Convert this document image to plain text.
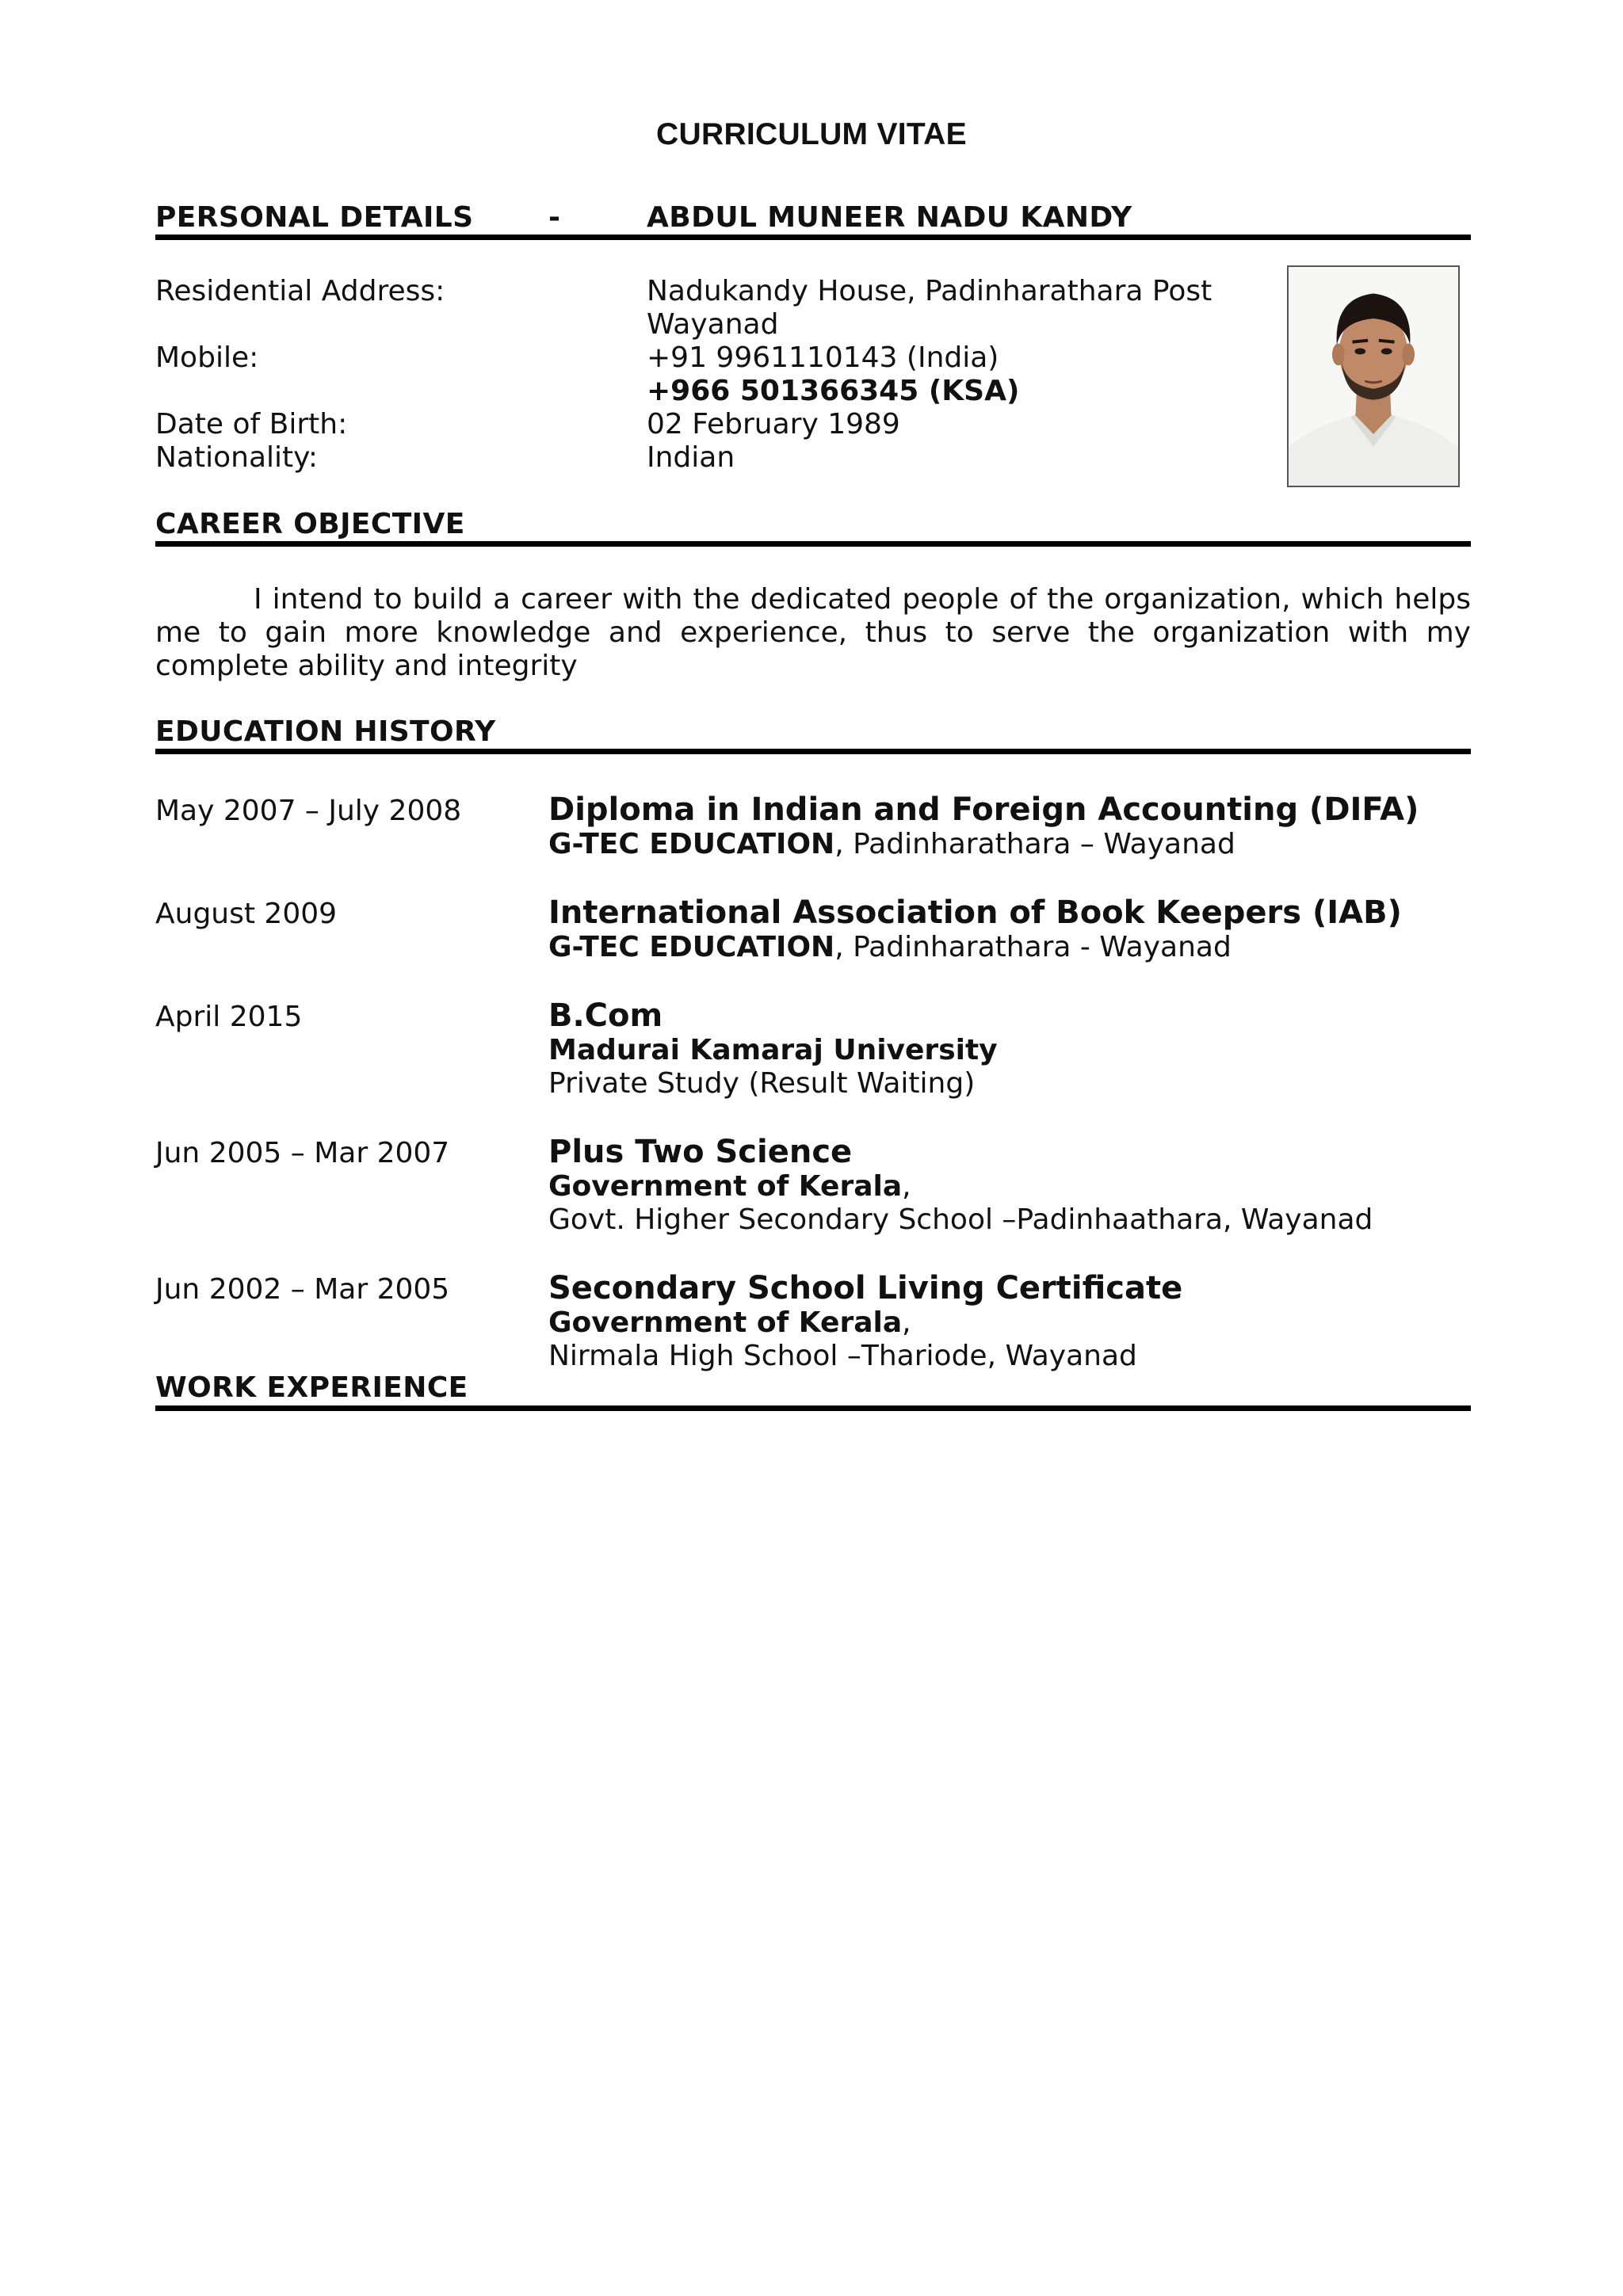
CURRICULUM VITAE
PERSONAL DETAILS	-	ABDUL MUNEER NADU KANDY
Residential Address:	Nadukandy House, Padinharathara Post
Wayanad
Mobile:	+91 9961110143 (India)
+966 501366345 (KSA)
Date of Birth:	02 February 1989
Nationality:	Indian
CAREER OBJECTIVE
I intend to build a career with the dedicated people of the organization, which helps me to gain more knowledge and experience, thus to serve the organization with my complete ability and integrity
EDUCATION HISTORY
May 2007 – July 2008	Diploma in Indian and Foreign Accounting (DIFA)
G-TEC EDUCATION, Padinharathara – Wayanad
August 2009	International Association of Book Keepers (IAB)
G-TEC EDUCATION, Padinharathara - Wayanad
April 2015	B.Com
Madurai Kamaraj University
Private Study (Result Waiting)
Jun 2005 – Mar 2007	Plus Two Science
Government of Kerala,
Govt. Higher Secondary School –Padinhaathara, Wayanad
Jun 2002 – Mar 2005	Secondary School Living Certificate
Government of Kerala,
Nirmala High School –Thariode, Wayanad
WORK EXPERIENCE
